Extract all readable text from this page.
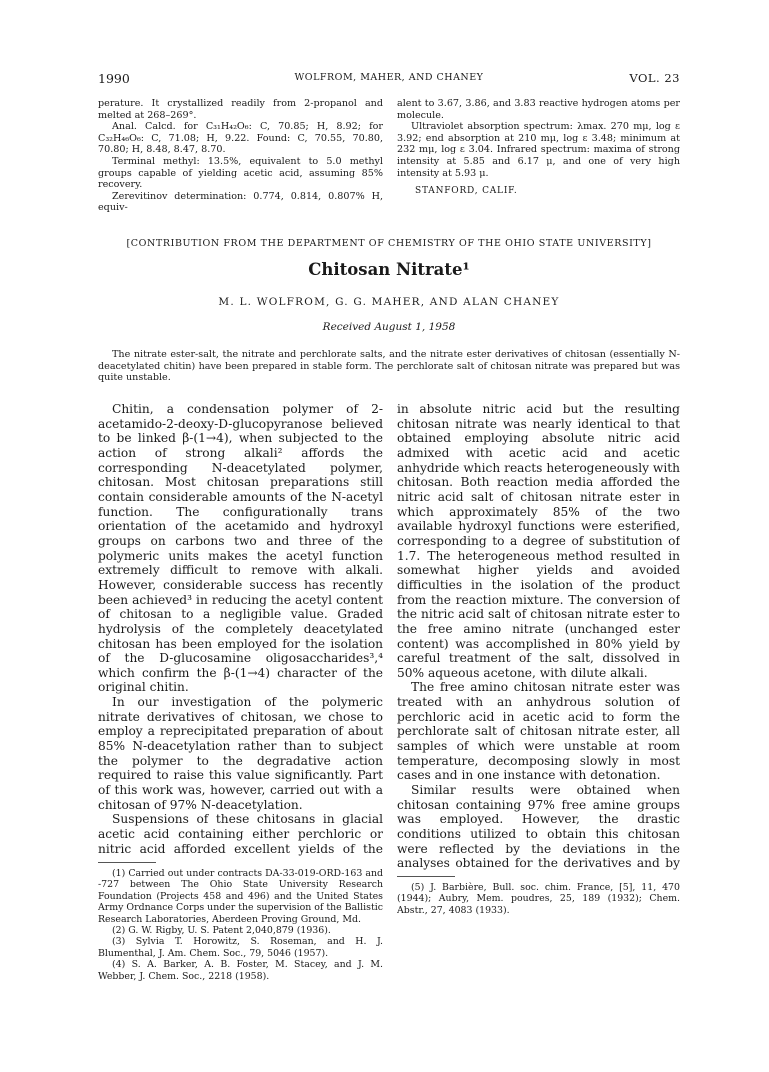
1990	WOLFROM, MAHER, AND CHANEY	VOL. 23

perature. It crystallized readily from 2-propanol and melted at 268–269°.

Anal. Calcd. for C₃₁H₄₂O₆: C, 70.85; H, 8.92; for C₃₂H₄₆O₆: C, 71.08; H, 9.22. Found: C, 70.55, 70.80, 70.80; H, 8.48, 8.47, 8.70.

Terminal methyl: 13.5%, equivalent to 5.0 methyl groups capable of yielding acetic acid, assuming 85% recovery.

Zerevitinov determination: 0.774, 0.814, 0.807% H, equiv-

alent to 3.67, 3.86, and 3.83 reactive hydrogen atoms per molecule.

Ultraviolet absorption spectrum: λmax. 270 mμ, log ε 3.92; end absorption at 210 mμ, log ε 3.48; minimum at 232 mμ, log ε 3.04. Infrared spectrum: maxima of strong intensity at 5.85 and 6.17 μ, and one of very high intensity at 5.93 μ.

STANFORD, CALIF.
[CONTRIBUTION FROM THE DEPARTMENT OF CHEMISTRY OF THE OHIO STATE UNIVERSITY]
Chitosan Nitrate¹
M. L. WOLFROM, G. G. MAHER, AND ALAN CHANEY
Received August 1, 1958
The nitrate ester-salt, the nitrate and perchlorate salts, and the nitrate ester derivatives of chitosan (essentially N-deacetylated chitin) have been prepared in stable form. The perchlorate salt of chitosan nitrate was prepared but was quite unstable.

Chitin, a condensation polymer of 2-acetamido-2-deoxy-D-glucopyranose believed to be linked β-(1→4), when subjected to the action of strong alkali² affords the corresponding N-deacetylated polymer, chitosan. Most chitosan preparations still contain considerable amounts of the N-acetyl function. The configurationally trans orientation of the acetamido and hydroxyl groups on carbons two and three of the polymeric units makes the acetyl function extremely difficult to remove with alkali. However, considerable success has recently been achieved³ in reducing the acetyl content of chitosan to a negligible value. Graded hydrolysis of the completely deacetylated chitosan has been employed for the isolation of the D-glucosamine oligosaccharides³,⁴ which confirm the β-(1→4) character of the original chitin.

In our investigation of the polymeric nitrate derivatives of chitosan, we chose to employ a reprecipitated preparation of about 85% N-deacetylation rather than to subject the polymer to the degradative action required to raise this value significantly. Part of this work was, however, carried out with a chitosan of 97% N-deacetylation.

Suspensions of these chitosans in glacial acetic acid containing either perchloric or nitric acid afforded excellent yields of the

in absolute nitric acid but the resulting chitosan nitrate was nearly identical to that obtained employing absolute nitric acid admixed with acetic acid and acetic anhydride which reacts heterogeneously with chitosan. Both reaction media afforded the nitric acid salt of chitosan nitrate ester in which approximately 85% of the two available hydroxyl functions were esterified, corresponding to a degree of substitution of 1.7. The heterogeneous method resulted in somewhat higher yields and avoided difficulties in the isolation of the product from the reaction mixture. The conversion of the nitric acid salt of chitosan nitrate ester to the free amino nitrate (unchanged ester content) was accomplished in 80% yield by careful treatment of the salt, dissolved in 50% aqueous acetone, with dilute alkali.

The free amino chitosan nitrate ester was treated with an anhydrous solution of perchloric acid in acetic acid to form the perchlorate salt of chitosan nitrate ester, all samples of which were unstable at room temperature, decomposing slowly in most cases and in one instance with detonation.

Similar results were obtained when chitosan containing 97% free amine groups was employed. However, the drastic conditions utilized to obtain this chitosan were reflected by the deviations in the analyses obtained for the derivatives and by

(1) Carried out under contracts DA-33-019-ORD-163 and -727 between The Ohio State University Research Foundation (Projects 458 and 496) and the United States Army Ordnance Corps under the supervision of the Ballistic Research Laboratories, Aberdeen Proving Ground, Md.

(2) G. W. Rigby, U. S. Patent 2,040,879 (1936).

(3) Sylvia T. Horowitz, S. Roseman, and H. J. Blumenthal, J. Am. Chem. Soc., 79, 5046 (1957).

(4) S. A. Barker, A. B. Foster, M. Stacey, and J. M. Webber, J. Chem. Soc., 2218 (1958).

(5) J. Barbière, Bull. soc. chim. France, [5], 11, 470 (1944); Aubry, Mem. poudres, 25, 189 (1932); Chem. Abstr., 27, 4083 (1933).
